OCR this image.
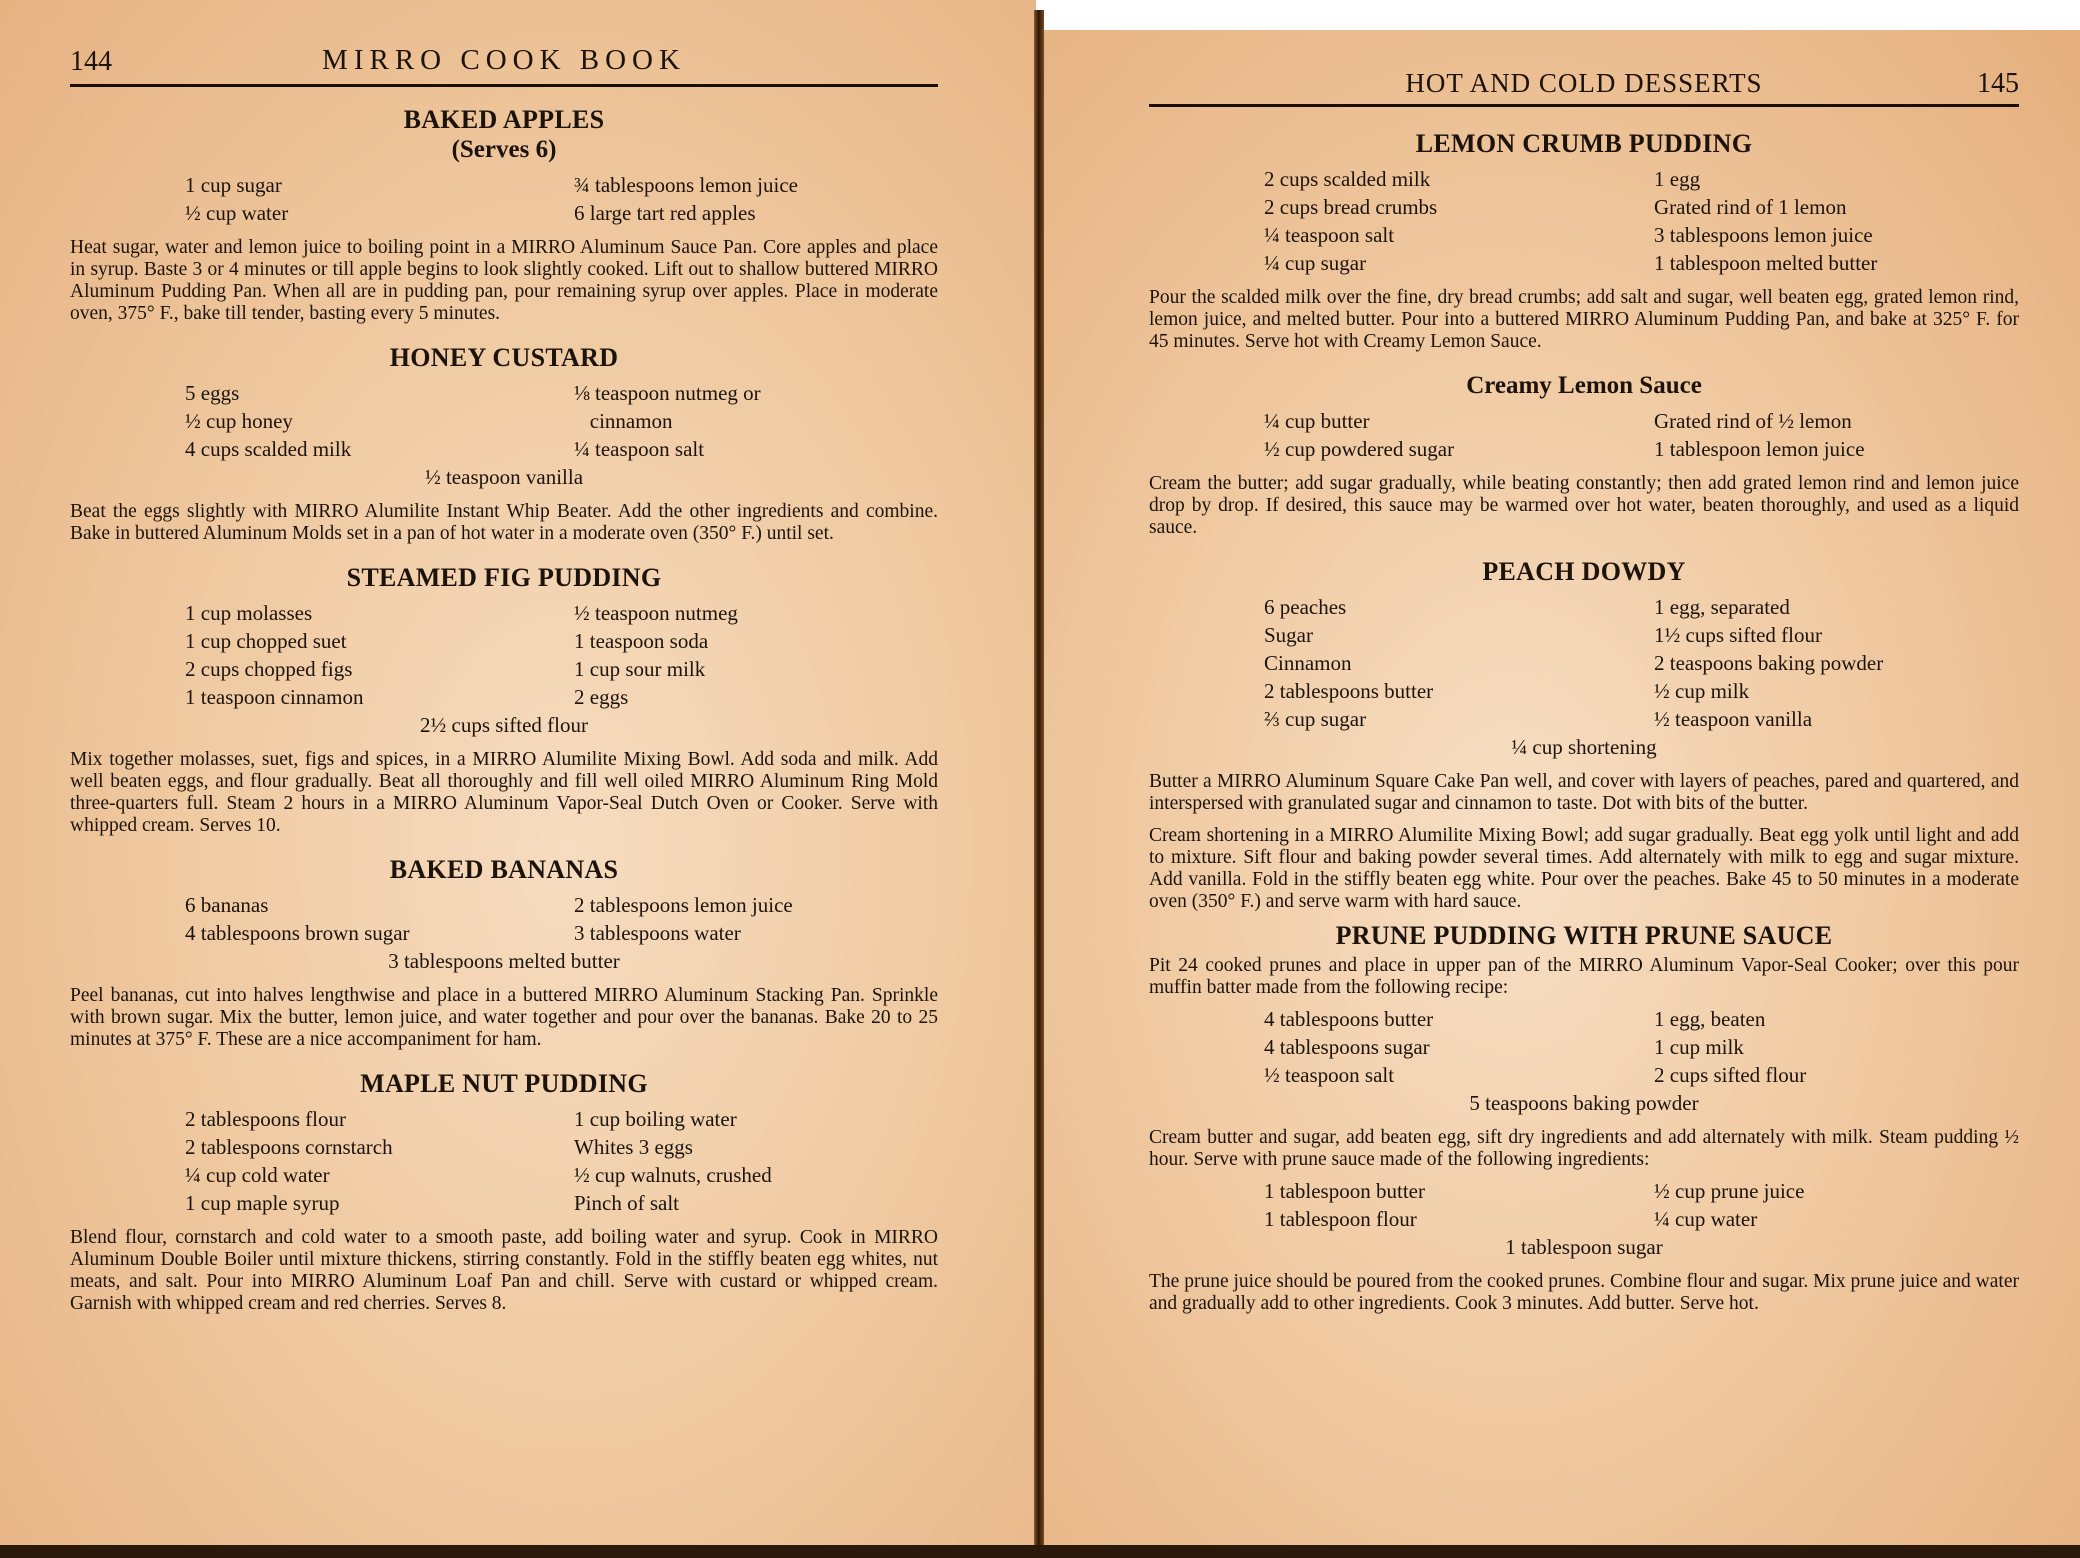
144	MIRRO COOK BOOK
BAKED APPLES
(Serves 6)
1 cup sugar
½ cup water
¾ tablespoons lemon juice
6 large tart red apples

Heat sugar, water and lemon juice to boiling point in a MIRRO Aluminum Sauce Pan. Core apples and place in syrup. Baste 3 or 4 minutes or till apple begins to look slightly cooked. Lift out to shallow buttered MIRRO Aluminum Pudding Pan. When all are in pudding pan, pour remaining syrup over apples. Place in moderate oven, 375° F., bake till tender, basting every 5 minutes.

HONEY CUSTARD
5 eggs
½ cup honey
4 cups scalded milk
⅛ teaspoon nutmeg or
cinnamon
¼ teaspoon salt
½ teaspoon vanilla

Beat the eggs slightly with MIRRO Alumilite Instant Whip Beater. Add the other ingredients and combine. Bake in buttered Aluminum Molds set in a pan of hot water in a moderate oven (350° F.) until set.

STEAMED FIG PUDDING
1 cup molasses
1 cup chopped suet
2 cups chopped figs
1 teaspoon cinnamon
½ teaspoon nutmeg
1 teaspoon soda
1 cup sour milk
2 eggs
2½ cups sifted flour

Mix together molasses, suet, figs and spices, in a MIRRO Alumilite Mixing Bowl. Add soda and milk. Add well beaten eggs, and flour gradually. Beat all thoroughly and fill well oiled MIRRO Aluminum Ring Mold three-quarters full. Steam 2 hours in a MIRRO Aluminum Vapor-Seal Dutch Oven or Cooker. Serve with whipped cream. Serves 10.

BAKED BANANAS
6 bananas
4 tablespoons brown sugar
2 tablespoons lemon juice
3 tablespoons water
3 tablespoons melted butter

Peel bananas, cut into halves lengthwise and place in a buttered MIRRO Aluminum Stacking Pan. Sprinkle with brown sugar. Mix the butter, lemon juice, and water together and pour over the bananas. Bake 20 to 25 minutes at 375° F. These are a nice accompaniment for ham.

MAPLE NUT PUDDING
2 tablespoons flour
2 tablespoons cornstarch
¼ cup cold water
1 cup maple syrup
1 cup boiling water
Whites 3 eggs
½ cup walnuts, crushed
Pinch of salt

Blend flour, cornstarch and cold water to a smooth paste, add boiling water and syrup. Cook in MIRRO Aluminum Double Boiler until mixture thickens, stirring constantly. Fold in the stiffly beaten egg whites, nut meats, and salt. Pour into MIRRO Aluminum Loaf Pan and chill. Serve with custard or whipped cream. Garnish with whipped cream and red cherries. Serves 8.

HOT AND COLD DESSERTS	145
LEMON CRUMB PUDDING
2 cups scalded milk
2 cups bread crumbs
¼ teaspoon salt
¼ cup sugar
1 egg
Grated rind of 1 lemon
3 tablespoons lemon juice
1 tablespoon melted butter

Pour the scalded milk over the fine, dry bread crumbs; add salt and sugar, well beaten egg, grated lemon rind, lemon juice, and melted butter. Pour into a buttered MIRRO Aluminum Pudding Pan, and bake at 325° F. for 45 minutes. Serve hot with Creamy Lemon Sauce.

Creamy Lemon Sauce
¼ cup butter
½ cup powdered sugar
Grated rind of ½ lemon
1 tablespoon lemon juice

Cream the butter; add sugar gradually, while beating constantly; then add grated lemon rind and lemon juice drop by drop. If desired, this sauce may be warmed over hot water, beaten thoroughly, and used as a liquid sauce.

PEACH DOWDY
6 peaches
Sugar
Cinnamon
2 tablespoons butter
⅔ cup sugar
1 egg, separated
1½ cups sifted flour
2 teaspoons baking powder
½ cup milk
½ teaspoon vanilla
¼ cup shortening

Butter a MIRRO Aluminum Square Cake Pan well, and cover with layers of peaches, pared and quartered, and interspersed with granulated sugar and cinnamon to taste. Dot with bits of the butter.

Cream shortening in a MIRRO Alumilite Mixing Bowl; add sugar gradually. Beat egg yolk until light and add to mixture. Sift flour and baking powder several times. Add alternately with milk to egg and sugar mixture. Add vanilla. Fold in the stiffly beaten egg white. Pour over the peaches. Bake 45 to 50 minutes in a moderate oven (350° F.) and serve warm with hard sauce.

PRUNE PUDDING WITH PRUNE SAUCE

Pit 24 cooked prunes and place in upper pan of the MIRRO Aluminum Vapor-Seal Cooker; over this pour muffin batter made from the following recipe:

4 tablespoons butter
4 tablespoons sugar
½ teaspoon salt
1 egg, beaten
1 cup milk
2 cups sifted flour
5 teaspoons baking powder

Cream butter and sugar, add beaten egg, sift dry ingredients and add alternately with milk. Steam pudding ½ hour. Serve with prune sauce made of the following ingredients:

1 tablespoon butter
1 tablespoon flour
½ cup prune juice
¼ cup water
1 tablespoon sugar

The prune juice should be poured from the cooked prunes. Combine flour and sugar. Mix prune juice and water and gradually add to other ingredients. Cook 3 minutes. Add butter. Serve hot.
